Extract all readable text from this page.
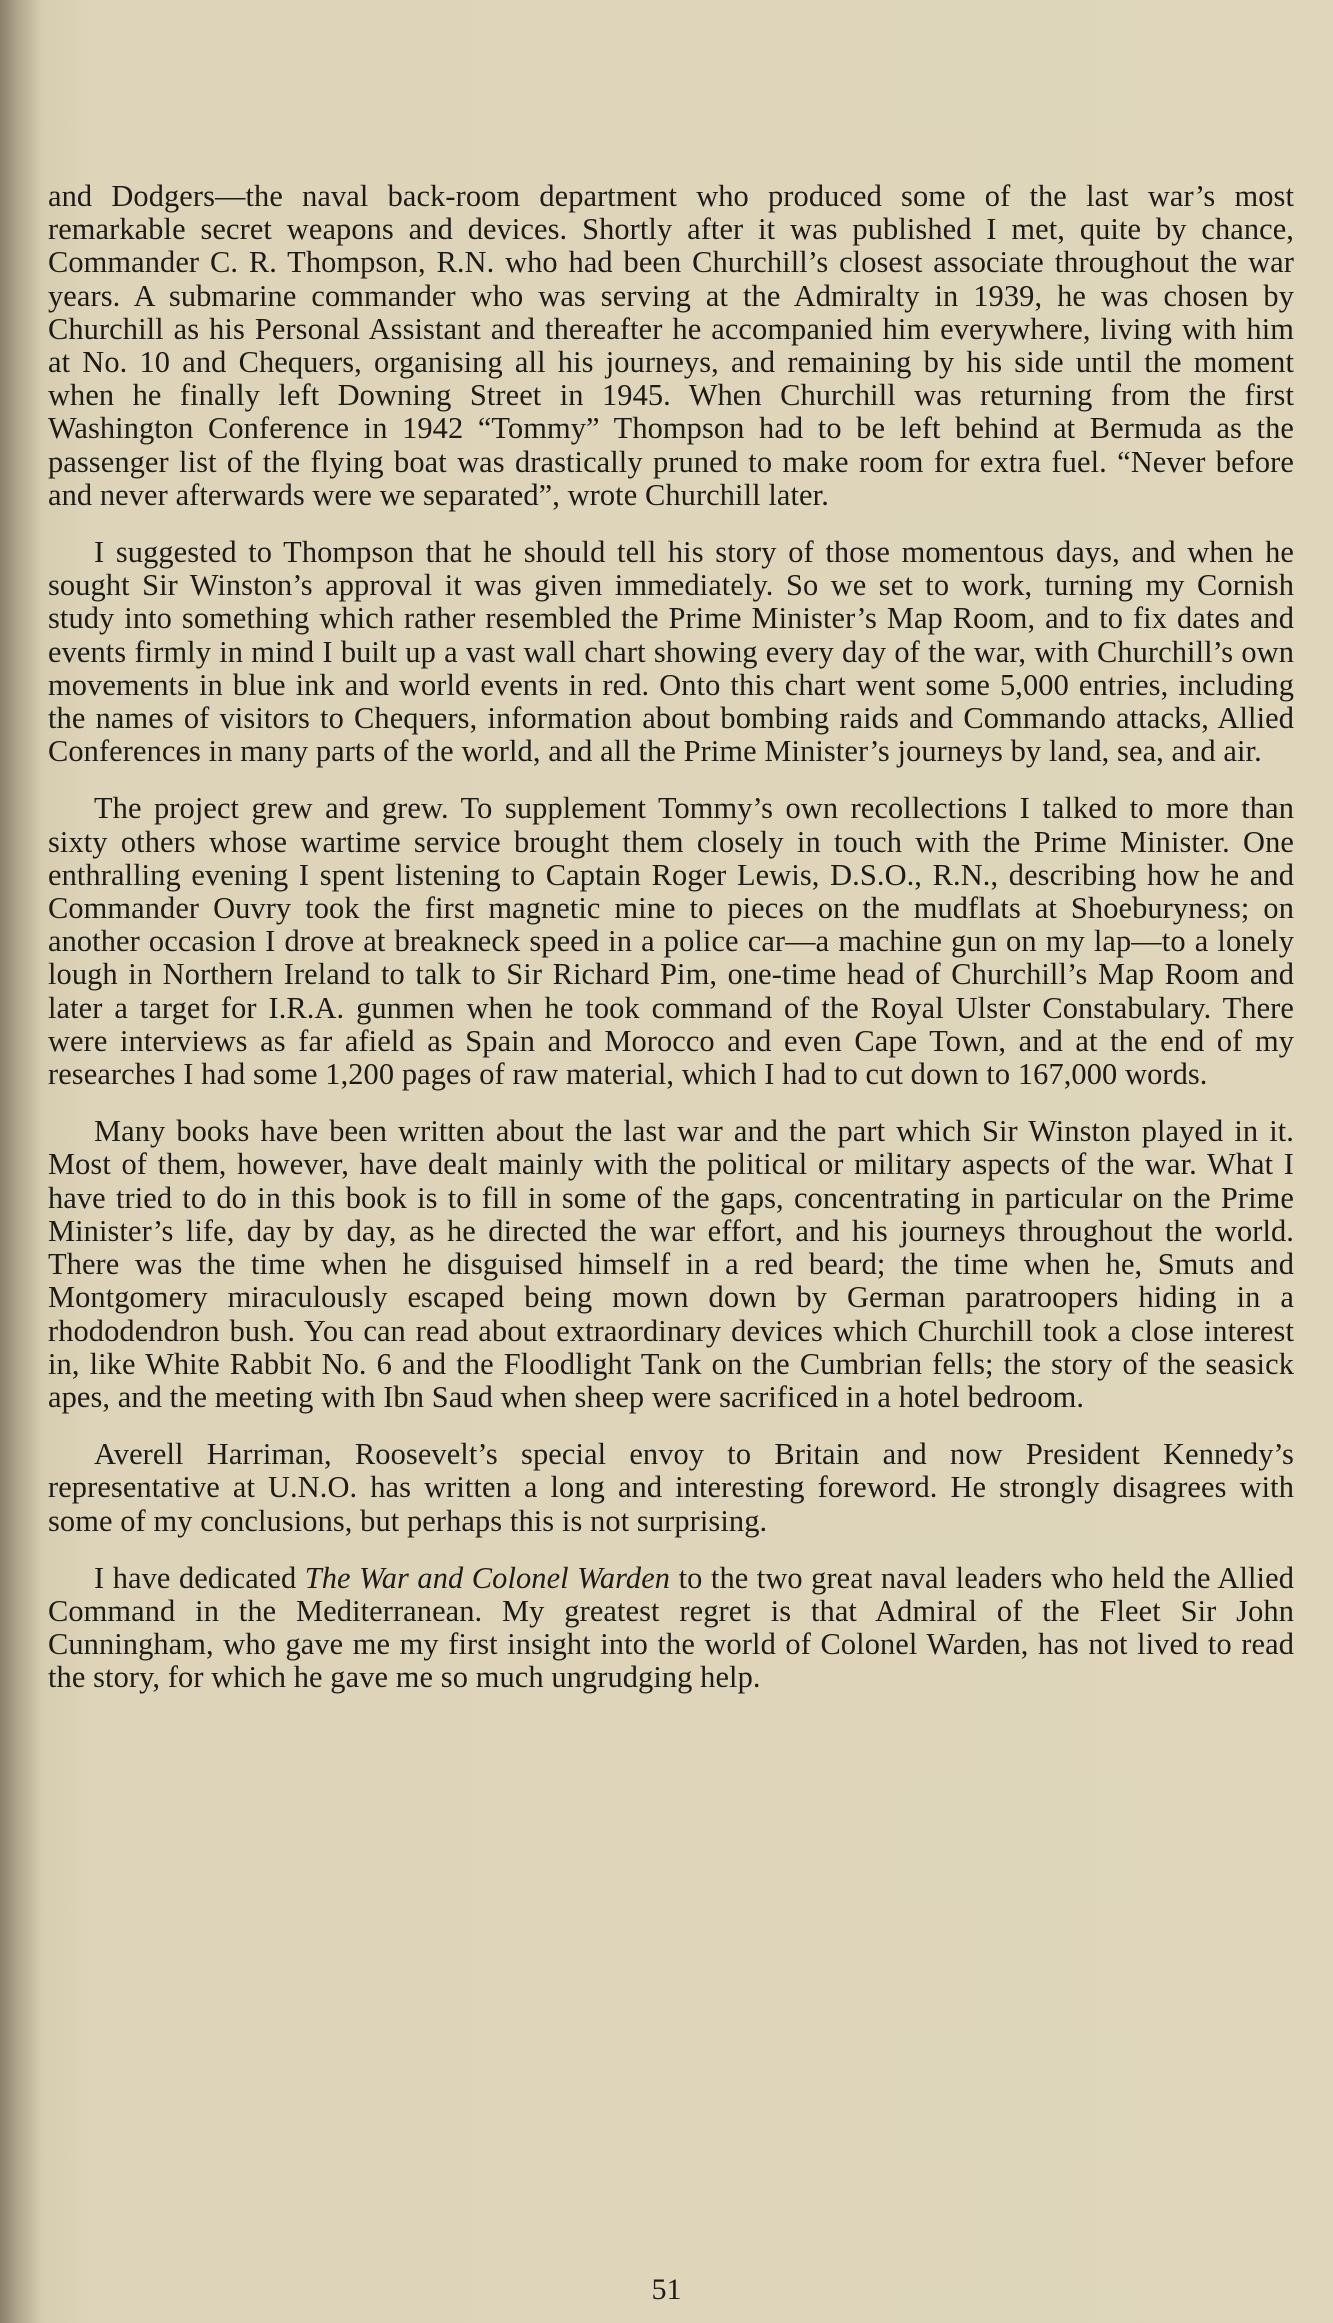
and Dodgers—the naval back-room department who produced some of the last war’s most remarkable secret weapons and devices. Shortly after it was published I met, quite by chance, Commander C. R. Thompson, R.N. who had been Churchill’s closest associate throughout the war years. A submarine commander who was serving at the Admiralty in 1939, he was chosen by Churchill as his Personal Assistant and thereafter he accompanied him everywhere, living with him at No. 10 and Chequers, organising all his journeys, and remaining by his side until the moment when he finally left Downing Street in 1945. When Churchill was returning from the first Washington Conference in 1942 “Tommy” Thompson had to be left behind at Bermuda as the passenger list of the flying boat was drastically pruned to make room for extra fuel. “Never before and never afterwards were we separated”, wrote Churchill later.

I suggested to Thompson that he should tell his story of those momentous days, and when he sought Sir Winston’s approval it was given immediately. So we set to work, turning my Cornish study into something which rather resembled the Prime Minister’s Map Room, and to fix dates and events firmly in mind I built up a vast wall chart showing every day of the war, with Churchill’s own movements in blue ink and world events in red. Onto this chart went some 5,000 entries, including the names of visitors to Chequers, information about bombing raids and Commando attacks, Allied Conferences in many parts of the world, and all the Prime Minister’s journeys by land, sea, and air.

The project grew and grew. To supplement Tommy’s own recollections I talked to more than sixty others whose wartime service brought them closely in touch with the Prime Minister. One enthralling evening I spent listening to Captain Roger Lewis, D.S.O., R.N., describing how he and Commander Ouvry took the first magnetic mine to pieces on the mudflats at Shoeburyness; on another occasion I drove at breakneck speed in a police car—a machine gun on my lap—to a lonely lough in Northern Ireland to talk to Sir Richard Pim, one-time head of Churchill’s Map Room and later a target for I.R.A. gunmen when he took command of the Royal Ulster Constabulary. There were interviews as far afield as Spain and Morocco and even Cape Town, and at the end of my researches I had some 1,200 pages of raw material, which I had to cut down to 167,000 words.

Many books have been written about the last war and the part which Sir Winston played in it. Most of them, however, have dealt mainly with the political or military aspects of the war. What I have tried to do in this book is to fill in some of the gaps, concentrating in particular on the Prime Minister’s life, day by day, as he directed the war effort, and his journeys throughout the world. There was the time when he disguised himself in a red beard; the time when he, Smuts and Montgomery miraculously escaped being mown down by German paratroopers hiding in a rhododendron bush. You can read about extraordinary devices which Churchill took a close interest in, like White Rabbit No. 6 and the Floodlight Tank on the Cumbrian fells; the story of the seasick apes, and the meeting with Ibn Saud when sheep were sacrificed in a hotel bedroom.

Averell Harriman, Roosevelt’s special envoy to Britain and now President Kennedy’s representative at U.N.O. has written a long and interesting foreword. He strongly disagrees with some of my conclusions, but perhaps this is not surprising.

I have dedicated The War and Colonel Warden to the two great naval leaders who held the Allied Command in the Mediterranean. My greatest regret is that Admiral of the Fleet Sir John Cunningham, who gave me my first insight into the world of Colonel Warden, has not lived to read the story, for which he gave me so much ungrudging help.

51
